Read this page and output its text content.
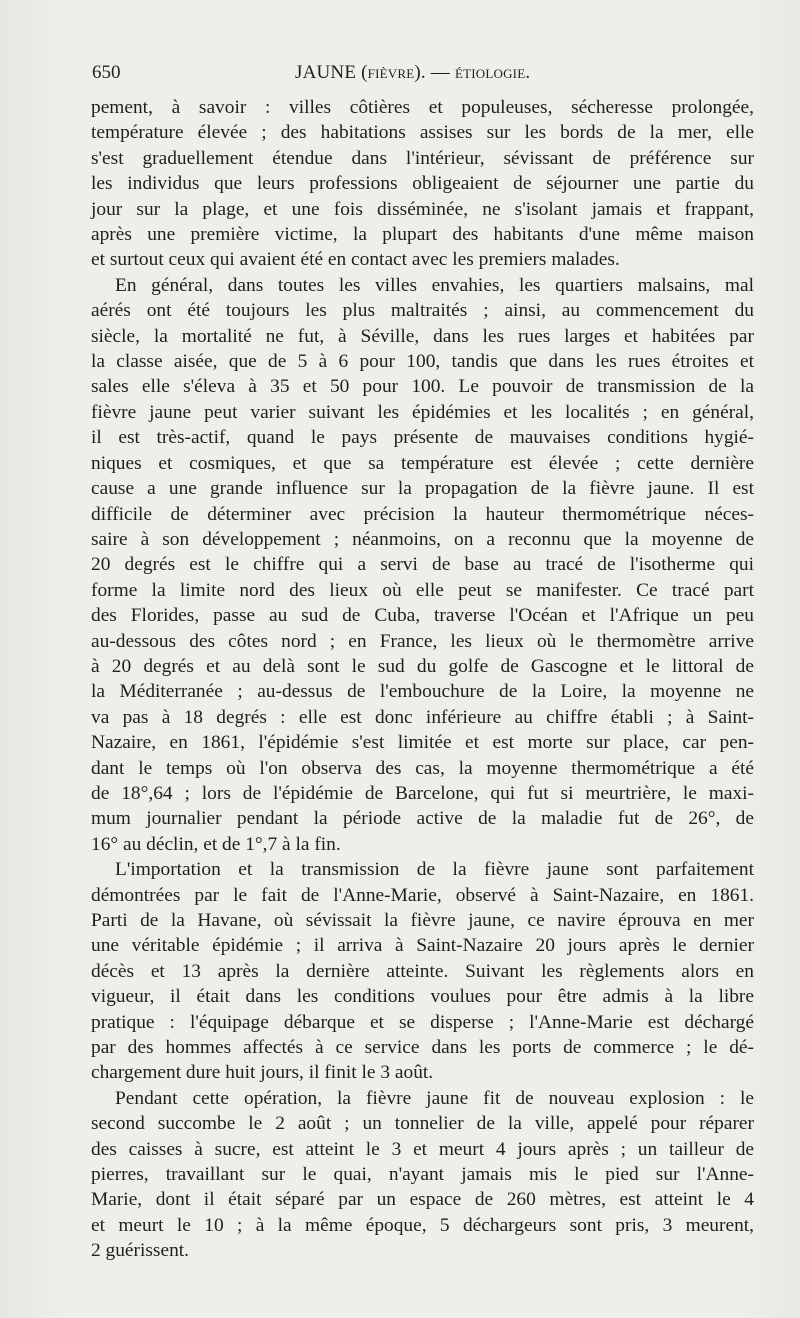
650	JAUNE (fièvre). — étiologie.
pement, à savoir : villes côtières et populeuses, sécheresse prolongée,
température élevée ; des habitations assises sur les bords de la mer, elle
s'est graduellement étendue dans l'intérieur, sévissant de préférence sur
les individus que leurs professions obligeaient de séjourner une partie du
jour sur la plage, et une fois disséminée, ne s'isolant jamais et frappant,
après une première victime, la plupart des habitants d'une même maison
et surtout ceux qui avaient été en contact avec les premiers malades.
En général, dans toutes les villes envahies, les quartiers malsains, mal
aérés ont été toujours les plus maltraités ; ainsi, au commencement du
siècle, la mortalité ne fut, à Séville, dans les rues larges et habitées par
la classe aisée, que de 5 à 6 pour 100, tandis que dans les rues étroites et
sales elle s'éleva à 35 et 50 pour 100. Le pouvoir de transmission de la
fièvre jaune peut varier suivant les épidémies et les localités ; en général,
il est très-actif, quand le pays présente de mauvaises conditions hygié-
niques et cosmiques, et que sa température est élevée ; cette dernière
cause a une grande influence sur la propagation de la fièvre jaune. Il est
difficile de déterminer avec précision la hauteur thermométrique néces-
saire à son développement ; néanmoins, on a reconnu que la moyenne de
20 degrés est le chiffre qui a servi de base au tracé de l'isotherme qui
forme la limite nord des lieux où elle peut se manifester. Ce tracé part
des Florides, passe au sud de Cuba, traverse l'Océan et l'Afrique un peu
au-dessous des côtes nord ; en France, les lieux où le thermomètre arrive
à 20 degrés et au delà sont le sud du golfe de Gascogne et le littoral de
la Méditerranée ; au-dessus de l'embouchure de la Loire, la moyenne ne
va pas à 18 degrés : elle est donc inférieure au chiffre établi ; à Saint-
Nazaire, en 1861, l'épidémie s'est limitée et est morte sur place, car pen-
dant le temps où l'on observa des cas, la moyenne thermométrique a été
de 18°,64 ; lors de l'épidémie de Barcelone, qui fut si meurtrière, le maxi-
mum journalier pendant la période active de la maladie fut de 26°, de
16° au déclin, et de 1°,7 à la fin.
L'importation et la transmission de la fièvre jaune sont parfaitement
démontrées par le fait de l'Anne-Marie, observé à Saint-Nazaire, en 1861.
Parti de la Havane, où sévissait la fièvre jaune, ce navire éprouva en mer
une véritable épidémie ; il arriva à Saint-Nazaire 20 jours après le dernier
décès et 13 après la dernière atteinte. Suivant les règlements alors en
vigueur, il était dans les conditions voulues pour être admis à la libre
pratique : l'équipage débarque et se disperse ; l'Anne-Marie est déchargé
par des hommes affectés à ce service dans les ports de commerce ; le dé-
chargement dure huit jours, il finit le 3 août.
Pendant cette opération, la fièvre jaune fit de nouveau explosion : le
second succombe le 2 août ; un tonnelier de la ville, appelé pour réparer
des caisses à sucre, est atteint le 3 et meurt 4 jours après ; un tailleur de
pierres, travaillant sur le quai, n'ayant jamais mis le pied sur l'Anne-
Marie, dont il était séparé par un espace de 260 mètres, est atteint le 4
et meurt le 10 ; à la même époque, 5 déchargeurs sont pris, 3 meurent,
2 guérissent.
